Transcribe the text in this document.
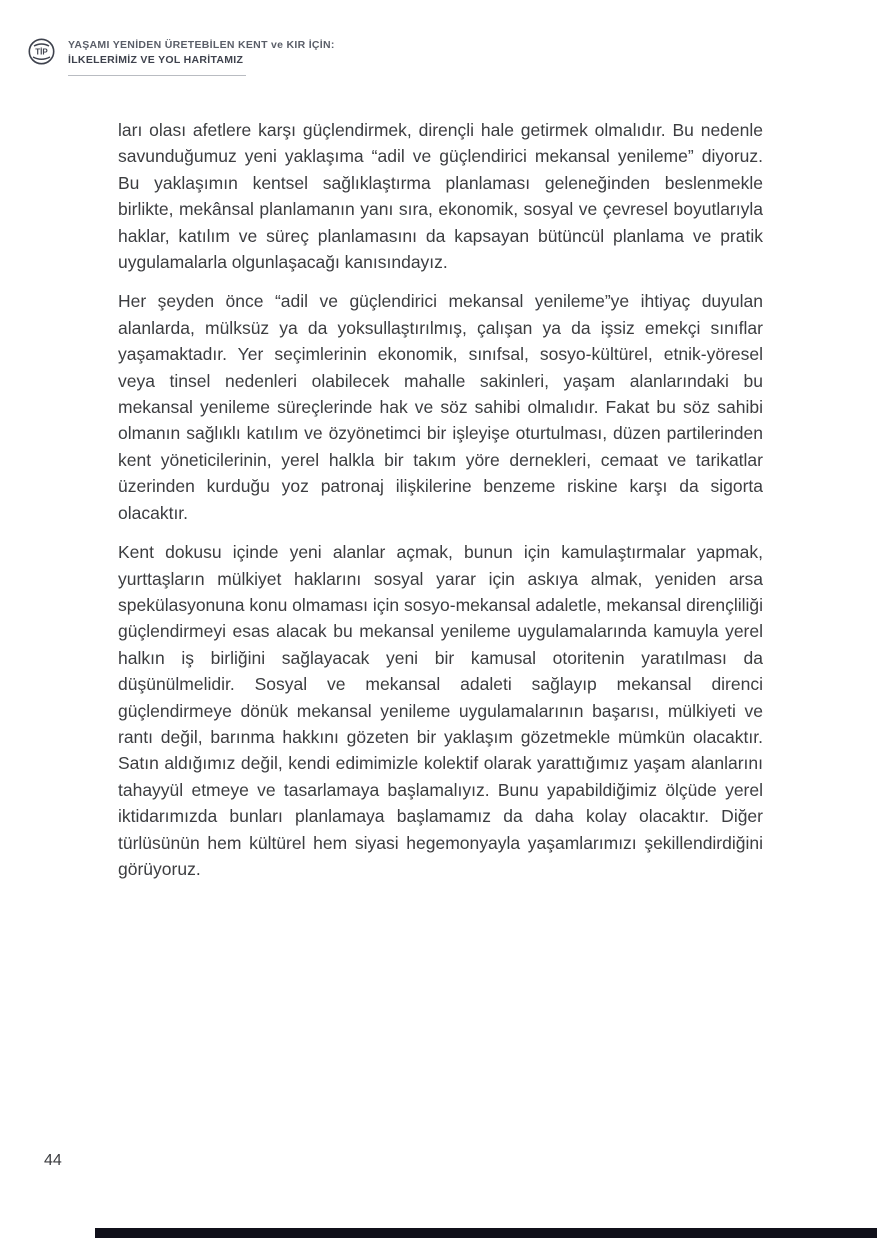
TİP
YAŞAMI YENİDEN ÜRETEBİLEN KENT ve KIR İÇİN:
İLKELERİMİZ VE YOL HARİTAMIZ

ları olası afetlere karşı güçlendirmek, dirençli hale getirmek olmalıdır. Bu nedenle savunduğumuz yeni yaklaşıma “adil ve güçlendirici mekansal yenileme” diyoruz. Bu yaklaşımın kentsel sağlıklaştırma planlaması geleneğinden beslenmekle birlikte, mekânsal planlamanın yanı sıra, ekonomik, sosyal ve çevresel boyutlarıyla haklar, katılım ve süreç planlamasını da kapsayan bütüncül planlama ve pratik uygulamalarla olgunlaşacağı kanısındayız.

Her şeyden önce “adil ve güçlendirici mekansal yenileme”ye ihtiyaç duyulan alanlarda, mülksüz ya da yoksullaştırılmış, çalışan ya da işsiz emekçi sınıflar yaşamaktadır. Yer seçimlerinin ekonomik, sınıfsal, sosyo-kültürel, etnik-yöresel veya tinsel nedenleri olabilecek mahalle sakinleri, yaşam alanlarındaki bu mekansal yenileme süreçlerinde hak ve söz sahibi olmalıdır. Fakat bu söz sahibi olmanın sağlıklı katılım ve özyönetimci bir işleyişe oturtulması, düzen partilerinden kent yöneticilerinin, yerel halkla bir takım yöre dernekleri, cemaat ve tarikatlar üzerinden kurduğu yoz patronaj ilişkilerine benzeme riskine karşı da sigorta olacaktır.

Kent dokusu içinde yeni alanlar açmak, bunun için kamulaştırmalar yapmak, yurttaşların mülkiyet haklarını sosyal yarar için askıya almak, yeniden arsa spekülasyonuna konu olmaması için sosyo-mekansal adaletle, mekansal dirençliliği güçlendirmeyi esas alacak bu mekansal yenileme uygulamalarında kamuyla yerel halkın iş birliğini sağlayacak yeni bir kamusal otoritenin yaratılması da düşünülmelidir. Sosyal ve mekansal adaleti sağlayıp mekansal direnci güçlendirmeye dönük mekansal yenileme uygulamalarının başarısı, mülkiyeti ve rantı değil, barınma hakkını gözeten bir yaklaşım gözetmekle mümkün olacaktır. Satın aldığımız değil, kendi edimimizle kolektif olarak yarattığımız yaşam alanlarını tahayyül etmeye ve tasarlamaya başlamalıyız. Bunu yapabildiğimiz ölçüde yerel iktidarımızda bunları planlamaya başlamamız da daha kolay olacaktır. Diğer türlüsünün hem kültürel hem siyasi hegemonyayla yaşamlarımızı şekillendirdiğini görüyoruz.

44
